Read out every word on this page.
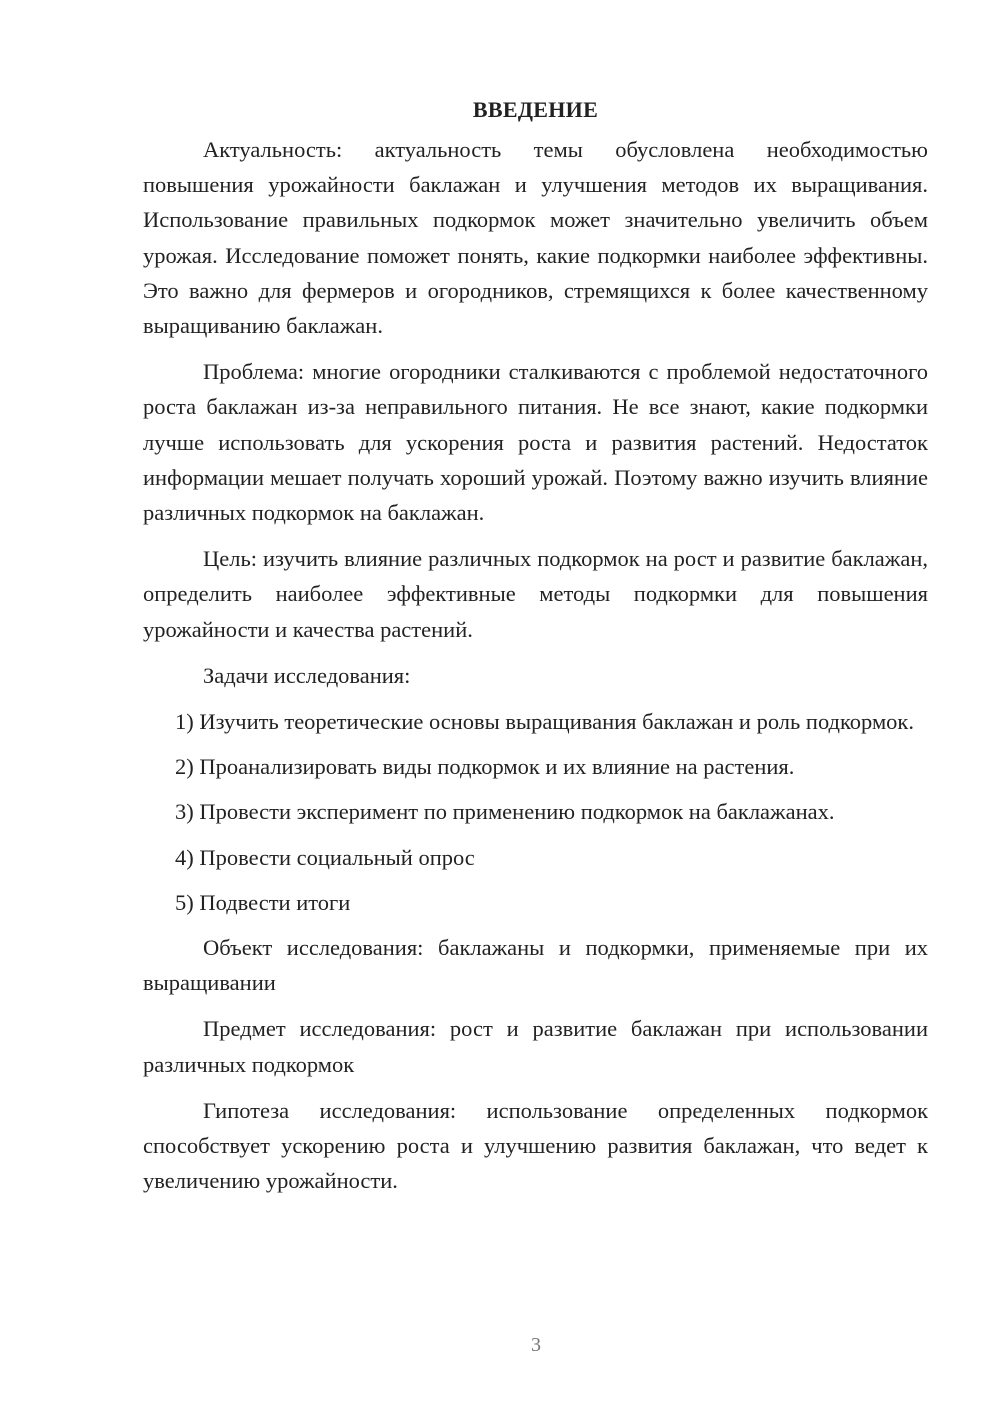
ВВЕДЕНИЕ

Актуальность: актуальность темы обусловлена необходимостью повышения урожайности баклажан и улучшения методов их выращивания. Использование правильных подкормок может значительно увеличить объем урожая. Исследование поможет понять, какие подкормки наиболее эффективны. Это важно для фермеров и огородников, стремящихся к более качественному выращиванию баклажан.

Проблема: многие огородники сталкиваются с проблемой недостаточного роста баклажан из-за неправильного питания. Не все знают, какие подкормки лучше использовать для ускорения роста и развития растений. Недостаток информации мешает получать хороший урожай. Поэтому важно изучить влияние различных подкормок на баклажан.

Цель: изучить влияние различных подкормок на рост и развитие баклажан, определить наиболее эффективные методы подкормки для повышения урожайности и качества растений.

Задачи исследования:

1) Изучить теоретические основы выращивания баклажан и роль подкормок.

2) Проанализировать виды подкормок и их влияние на растения.

3) Провести эксперимент по применению подкормок на баклажанах.

4) Провести социальный опрос

5) Подвести итоги

Объект исследования: баклажаны и подкормки, применяемые при их выращивании

Предмет исследования: рост и развитие баклажан при использовании различных подкормок

Гипотеза исследования: использование определенных подкормок способствует ускорению роста и улучшению развития баклажан, что ведет к увеличению урожайности.

3
